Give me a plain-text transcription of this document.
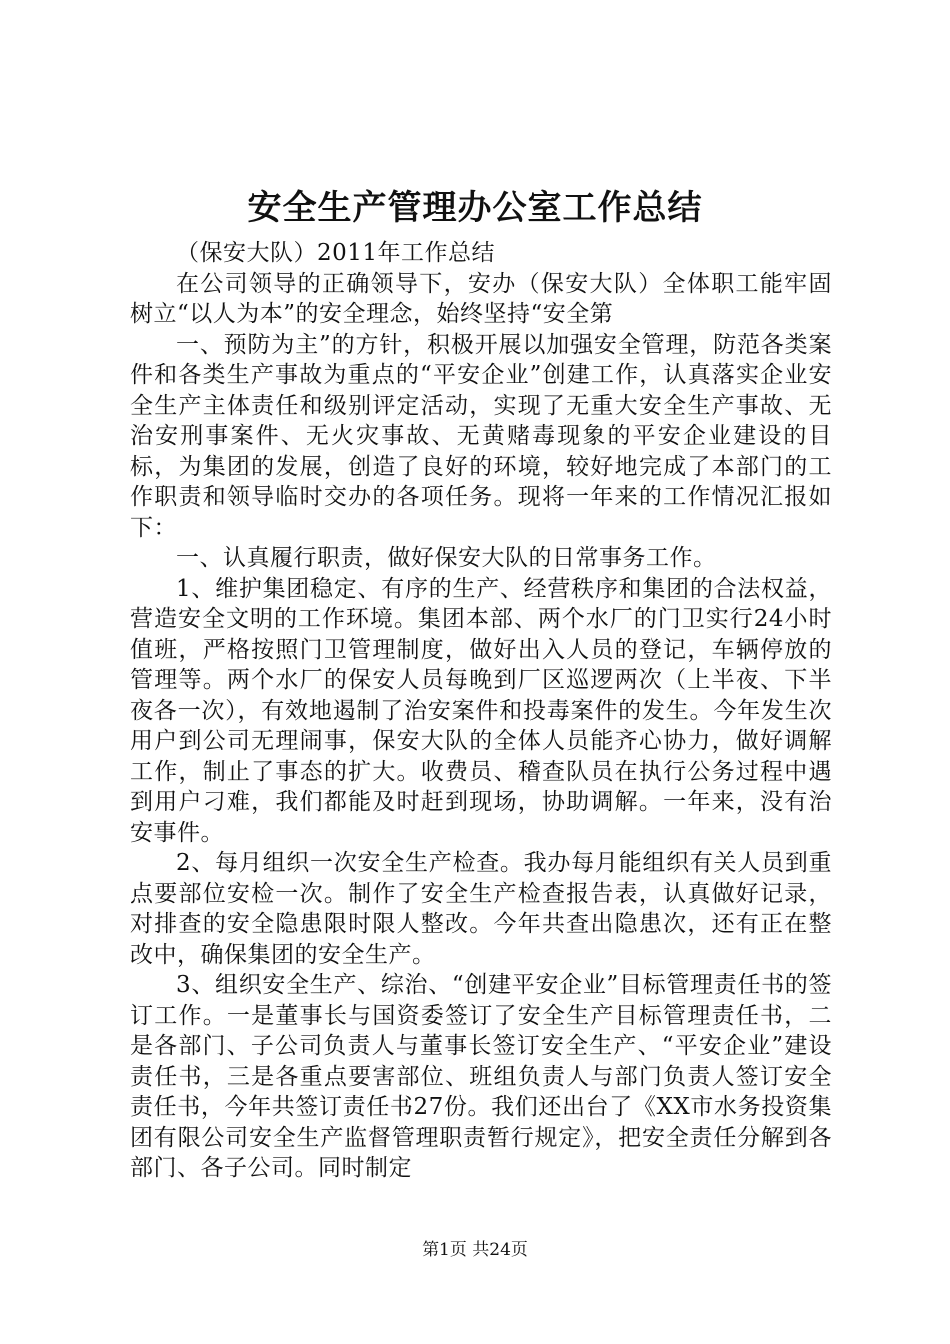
安全生产管理办公室工作总结

（保安大队）2011年工作总结

在公司领导的正确领导下，安办（保安大队）全体职工能牢固树立“以人为本”的安全理念，始终坚持“安全第

一、预防为主”的方针，积极开展以加强安全管理，防范各类案件和各类生产事故为重点的“平安企业”创建工作，认真落实企业安全生产主体责任和级别评定活动，实现了无重大安全生产事故、无治安刑事案件、无火灾事故、无黄赌毒现象的平安企业建设的目标，为集团的发展，创造了良好的环境，较好地完成了本部门的工作职责和领导临时交办的各项任务。现将一年来的工作情况汇报如下：

一、认真履行职责，做好保安大队的日常事务工作。

1、维护集团稳定、有序的生产、经营秩序和集团的合法权益，营造安全文明的工作环境。集团本部、两个水厂的门卫实行24小时值班，严格按照门卫管理制度，做好出入人员的登记，车辆停放的管理等。两个水厂的保安人员每晚到厂区巡逻两次（上半夜、下半夜各一次），有效地遏制了治安案件和投毒案件的发生。今年发生次用户到公司无理闹事，保安大队的全体人员能齐心协力，做好调解工作，制止了事态的扩大。收费员、稽查队员在执行公务过程中遇到用户刁难，我们都能及时赶到现场，协助调解。一年来，没有治安事件。

2、每月组织一次安全生产检查。我办每月能组织有关人员到重点要部位安检一次。制作了安全生产检查报告表，认真做好记录，对排查的安全隐患限时限人整改。今年共查出隐患次，还有正在整改中，确保集团的安全生产。

3、组织安全生产、综治、“创建平安企业”目标管理责任书的签订工作。一是董事长与国资委签订了安全生产目标管理责任书，二是各部门、子公司负责人与董事长签订安全生产、“平安企业”建设责任书，三是各重点要害部位、班组负责人与部门负责人签订安全责任书，今年共签订责任书27份。我们还出台了《XX市水务投资集团有限公司安全生产监督管理职责暂行规定》，把安全责任分解到各部门、各子公司。同时制定

第1页 共24页
